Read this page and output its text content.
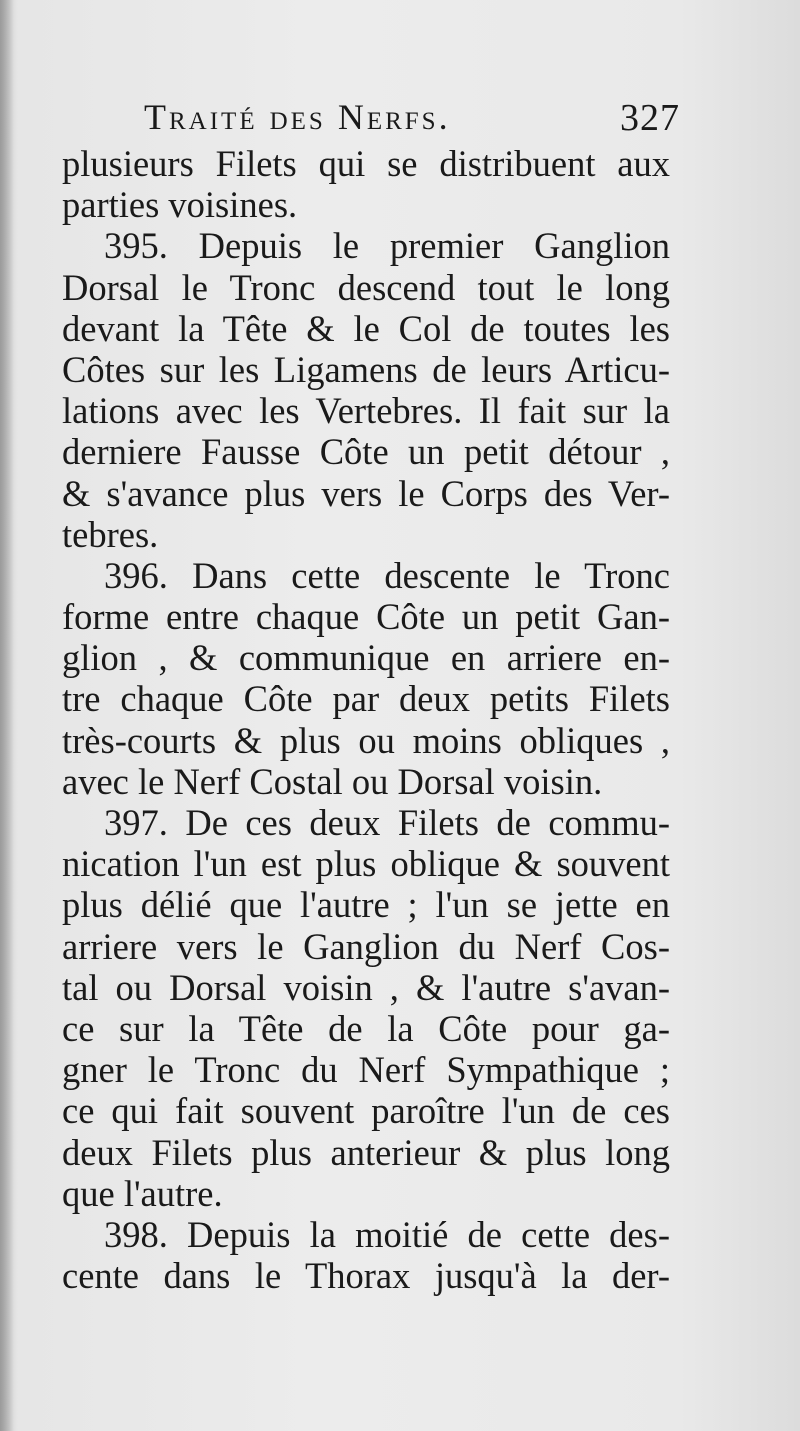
Traité des Nerfs.	327
plusieurs Filets qui se distribuent aux
parties voisines.
395. Depuis le premier Ganglion
Dorsal le Tronc descend tout le long
devant la Tête & le Col de toutes les
Côtes sur les Ligamens de leurs Articu-
lations avec les Vertebres. Il fait sur la
derniere Fausse Côte un petit détour ,
& s'avance plus vers le Corps des Ver-
tebres.
396. Dans cette descente le Tronc
forme entre chaque Côte un petit Gan-
glion , & communique en arriere en-
tre chaque Côte par deux petits Filets
très-courts & plus ou moins obliques ,
avec le Nerf Costal ou Dorsal voisin.
397. De ces deux Filets de commu-
nication l'un est plus oblique & souvent
plus délié que l'autre ; l'un se jette en
arriere vers le Ganglion du Nerf Cos-
tal ou Dorsal voisin , & l'autre s'avan-
ce sur la Tête de la Côte pour ga-
gner le Tronc du Nerf Sympathique ;
ce qui fait souvent paroître l'un de ces
deux Filets plus anterieur & plus long
que l'autre.
398. Depuis la moitié de cette des-
cente dans le Thorax jusqu'à la der-
